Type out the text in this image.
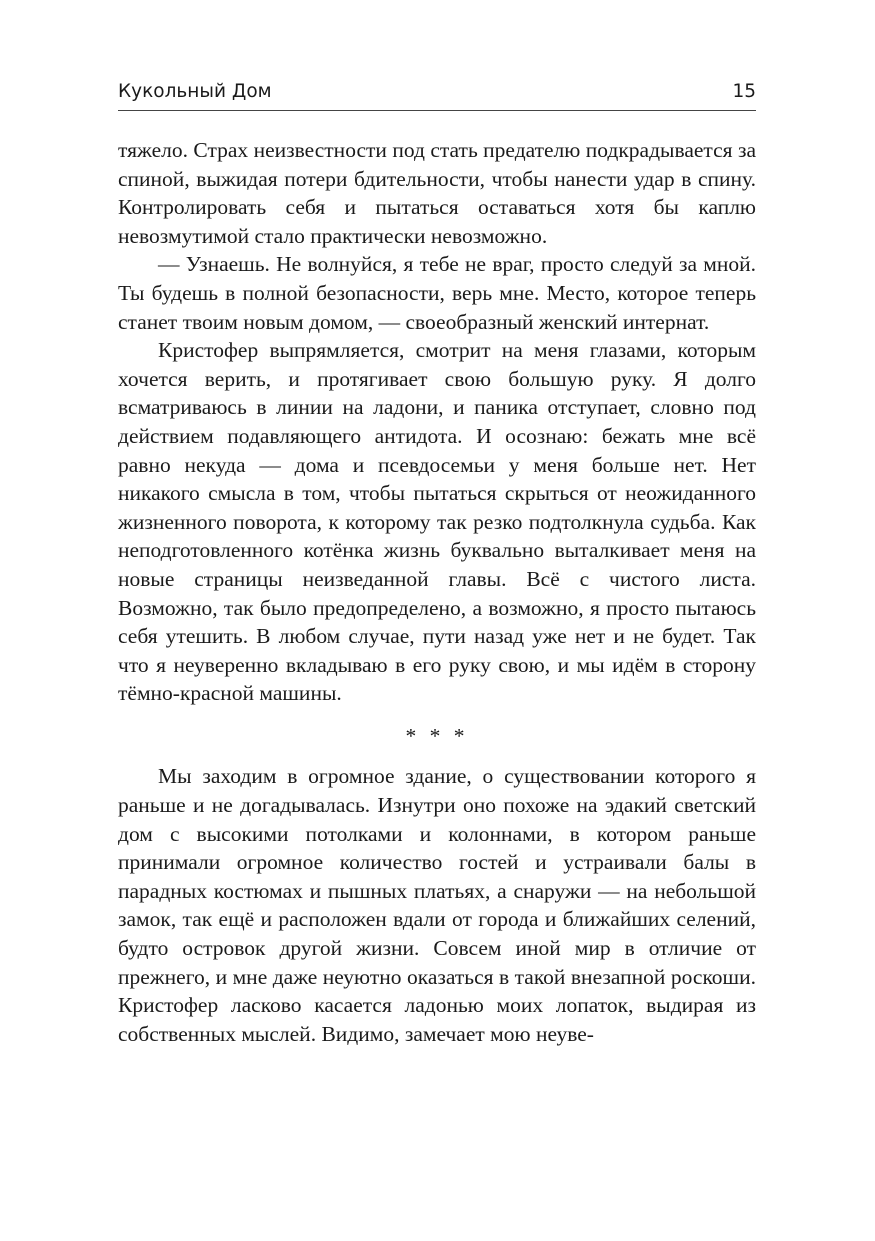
Кукольный Дом	15

тяжело. Страх неизвестности под стать предателю подкрадывается за спиной, выжидая потери бдительности, чтобы нанести удар в спину. Контролировать себя и пытаться оставаться хотя бы каплю невозмутимой стало практически невозможно.

— Узнаешь. Не волнуйся, я тебе не враг, просто следуй за мной. Ты будешь в полной безопасности, верь мне. Место, которое теперь станет твоим новым домом, — своеобразный женский интернат.

Кристофер выпрямляется, смотрит на меня глазами, которым хочется верить, и протягивает свою большую руку. Я долго всматриваюсь в линии на ладони, и паника отступает, словно под действием подавляющего антидота. И осознаю: бежать мне всё равно некуда — дома и псевдосемьи у меня больше нет. Нет никакого смысла в том, чтобы пытаться скрыться от неожиданного жизненного поворота, к которому так резко подтолкнула судьба. Как неподготовленного котёнка жизнь буквально выталкивает меня на новые страницы неизведанной главы. Всё с чистого листа. Возможно, так было предопределено, а возможно, я просто пытаюсь себя утешить. В любом случае, пути назад уже нет и не будет. Так что я неуверенно вкладываю в его руку свою, и мы идём в сторону тёмно-красной машины.

* * *

Мы заходим в огромное здание, о существовании которого я раньше и не догадывалась. Изнутри оно похоже на эдакий светский дом с высокими потолками и колоннами, в котором раньше принимали огромное количество гостей и устраивали балы в парадных костюмах и пышных платьях, а снаружи — на небольшой замок, так ещё и расположен вдали от города и ближайших селений, будто островок другой жизни. Совсем иной мир в отличие от прежнего, и мне даже неуютно оказаться в такой внезапной роскоши. Кристофер ласково касается ладонью моих лопаток, выдирая из собственных мыслей. Видимо, замечает мою неуве-
